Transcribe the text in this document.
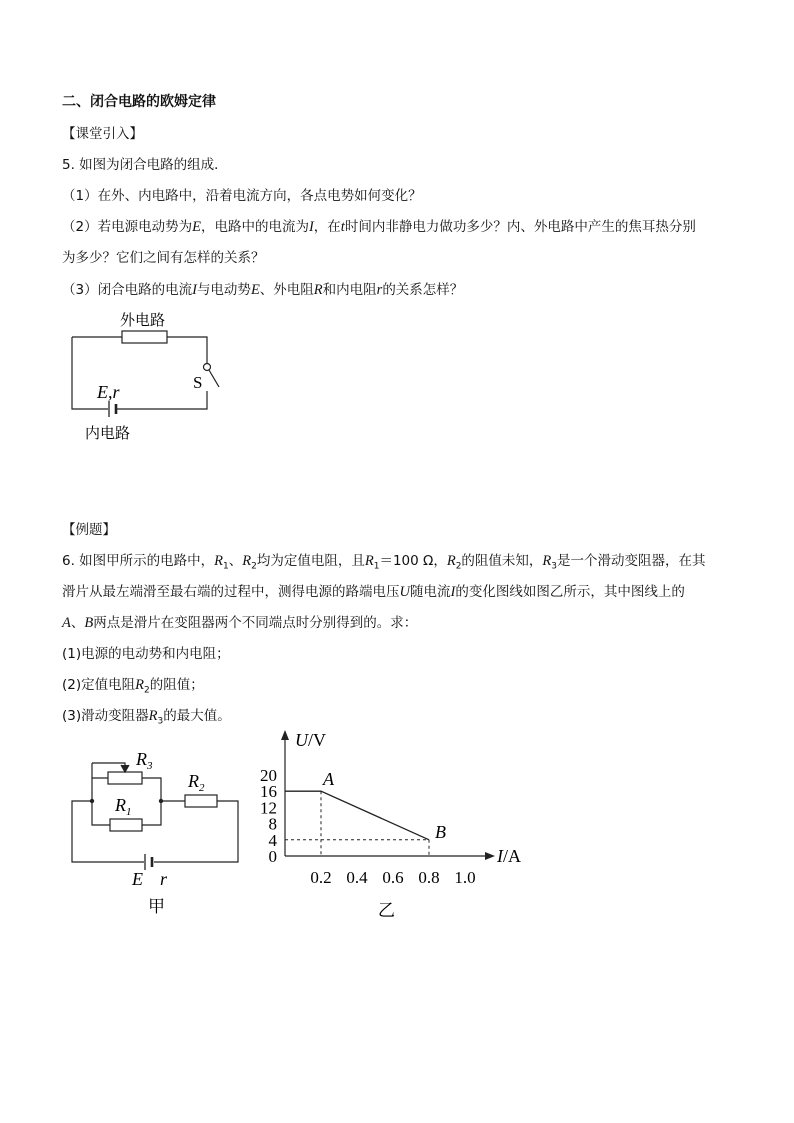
二、闭合电路的欧姆定律
【课堂引入】
5. 如图为闭合电路的组成．
（1）在外、内电路中，沿着电流方向，各点电势如何变化？
（2）若电源电动势为E，电路中的电流为I，在t时间内非静电力做功多少？内、外电路中产生的焦耳热分别
为多少？它们之间有怎样的关系？
（3）闭合电路的电流I与电动势E、外电阻R和内电阻r的关系怎样？
外电路
E,r	S
内电路
【例题】
6. 如图甲所示的电路中，$R_1$、$R_2$均为定值电阻，且$R_1=100$ Ω，$R_2$的阻值未知，$R_3$是一个滑动变阻器，在其
滑片从最左端滑至最右端的过程中，测得电源的路端电压U随电流I的变化图线如图乙所示，其中图线上的
A、B两点是滑片在变阻器两个不同端点时分别得到的。求：
(1)电源的电动势和内电阻；
(2)定值电阻$R_2$的阻值；
(3)滑动变阻器$R_3$的最大值。
$R_3$
$R_2$
$R_1$
E r
甲
I/A
U/V
20
16
12
8
4
0
0.2 0.4 0.6 0.8 1.0
A
B
乙
